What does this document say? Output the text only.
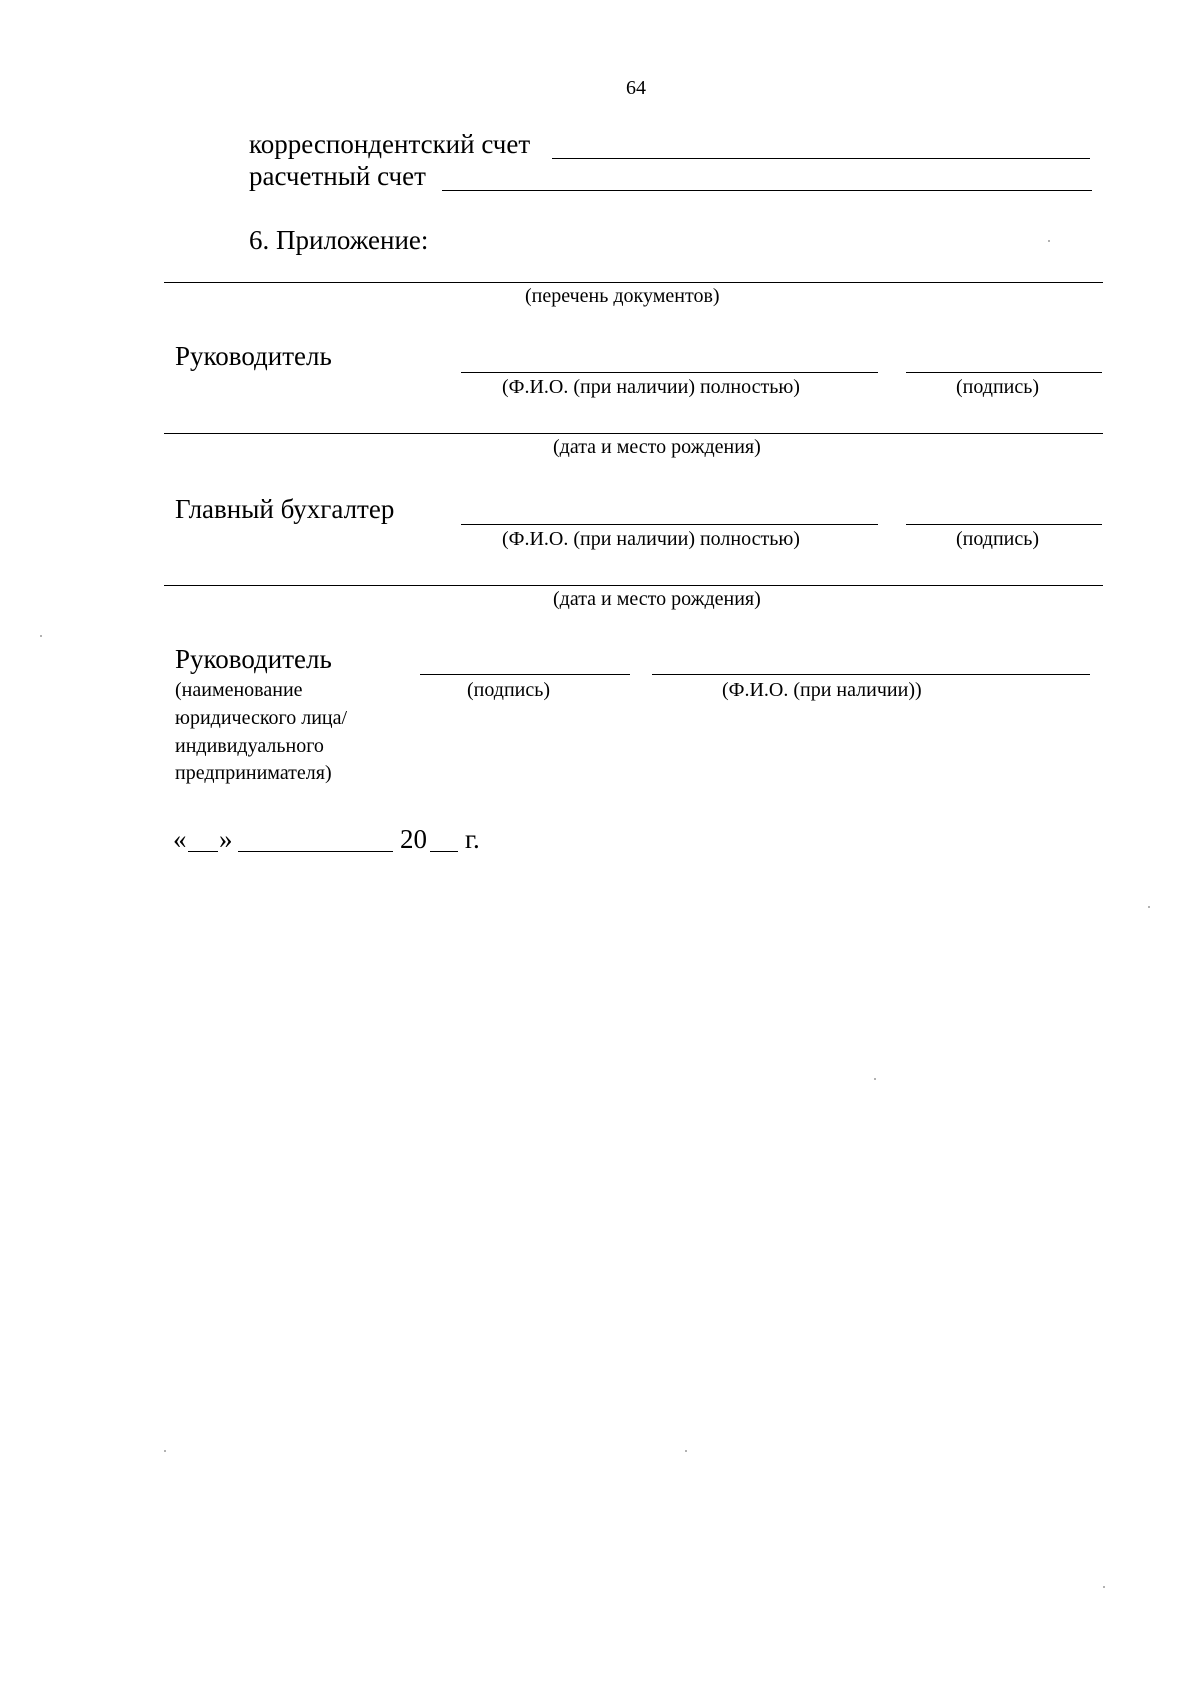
64
корреспондентский счет
расчетный счет
6. Приложение:
(перечень документов)
Руководитель
(Ф.И.О. (при наличии) полностью)	(подпись)
(дата и место рождения)
Главный бухгалтер
(Ф.И.О. (при наличии) полностью)	(подпись)
(дата и место рождения)
Руководитель
(подпись)	(Ф.И.О. (при наличии))
(наименование
юридического лица/
индивидуального
предпринимателя)
« »	20 г.
